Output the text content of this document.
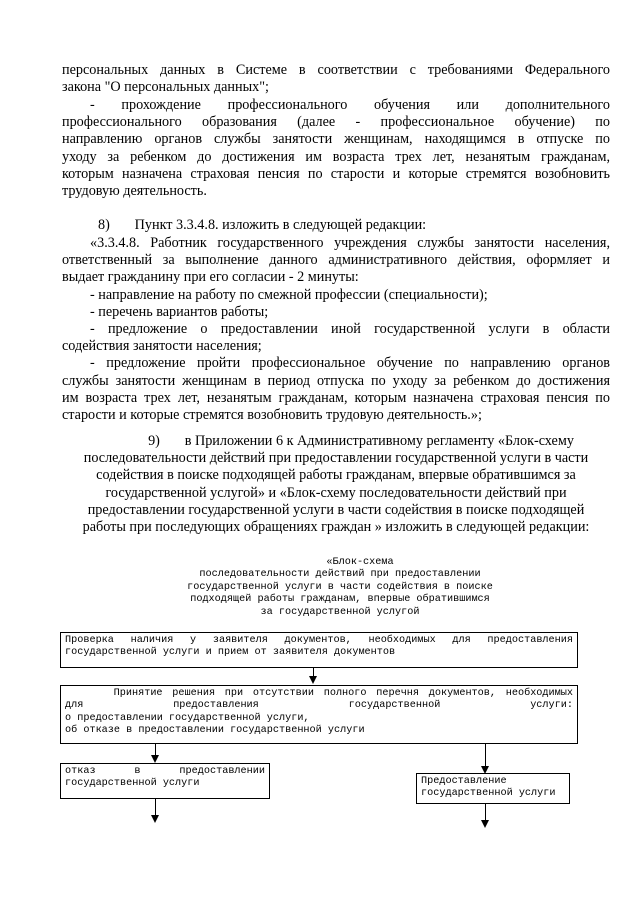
персональных данных в Системе в соответствии с требованиями Федерального
закона "О персональных данных";
- прохождение профессионального обучения или дополнительного
профессионального образования (далее - профессиональное обучение) по
направлению органов службы занятости женщинам, находящимся в отпуске по
уходу за ребенком до достижения им возраста трех лет, незанятым гражданам,
которым назначена страховая пенсия по старости и которые стремятся возобновить
трудовую деятельность.
8)       Пункт 3.3.4.8. изложить в следующей редакции:
«3.3.4.8. Работник государственного учреждения службы занятости населения,
ответственный за выполнение данного административного действия, оформляет и
выдает гражданину при его согласии - 2 минуты:
- направление на работу по смежной профессии (специальности);
- перечень вариантов работы;
- предложение о предоставлении иной государственной услуги в области
содействия занятости населения;
- предложение пройти профессиональное обучение по направлению органов
службы занятости женщинам в период отпуска по уходу за ребенком до достижения
им возраста трех лет, незанятым гражданам, которым назначена страховая пенсия по
старости и которые стремятся возобновить трудовую деятельность.»;
9)       в Приложении 6 к Административному регламенту «Блок-схему
последовательности действий при предоставлении государственной услуги в части
содействия в поиске подходящей работы гражданам, впервые обратившимся за
государственной услугой» и «Блок-схему последовательности действий при
предоставлении государственной услуги в части содействия в поиске подходящей
работы при последующих обращениях граждан » изложить в следующей редакции:
«Блок-схема
последовательности действий при предоставлении
государственной услуги в части содействия в поиске
подходящей работы гражданам, впервые обратившимся
за государственной услугой
Проверка наличия у заявителя документов, необходимых для предоставления
государственной услуги и прием от заявителя документов
Принятие решения при отсутствии полного перечня документов, необходимых
для предоставления государственной услуги:
о предоставлении государственной услуги,
об отказе в предоставлении государственной услуги
отказ в предоставлении
государственной услуги	Предоставление
государственной услуги
